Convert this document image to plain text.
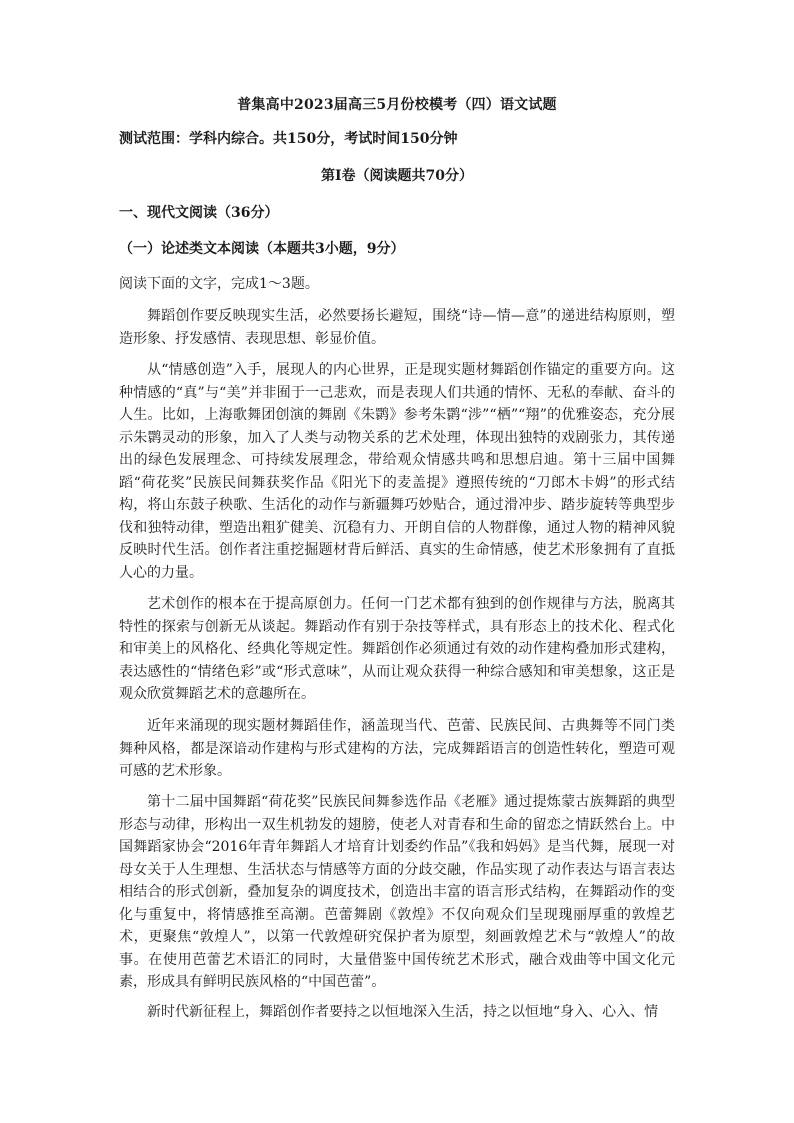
普集高中2023届高三5月份校模考（四）语文试题
测试范围：学科内综合。共150分，考试时间150分钟
第Ⅰ卷（阅读题共70分）
一、现代文阅读（36分）
（一）论述类文本阅读（本题共3小题，9分）
阅读下面的文字，完成1～3题。

舞蹈创作要反映现实生活，必然要扬长避短，围绕“诗—情—意”的递进结构原则，塑造形象、抒发感情、表现思想、彰显价值。

从“情感创造”入手，展现人的内心世界，正是现实题材舞蹈创作锚定的重要方向。这种情感的“真”与“美”并非囿于一己悲欢，而是表现人们共通的情怀、无私的奉献、奋斗的人生。比如，上海歌舞团创演的舞剧《朱鹮》参考朱鹮“涉”“栖”“翔”的优雅姿态，充分展示朱鹮灵动的形象，加入了人类与动物关系的艺术处理，体现出独特的戏剧张力，其传递出的绿色发展理念、可持续发展理念，带给观众情感共鸣和思想启迪。第十三届中国舞蹈“荷花奖”民族民间舞获奖作品《阳光下的麦盖提》遵照传统的“刀郎木卡姆”的形式结构，将山东鼓子秧歌、生活化的动作与新疆舞巧妙贴合，通过滑冲步、踏步旋转等典型步伐和独特动律，塑造出粗犷健美、沉稳有力、开朗自信的人物群像，通过人物的精神风貌反映时代生活。创作者注重挖掘题材背后鲜活、真实的生命情感，使艺术形象拥有了直抵人心的力量。

艺术创作的根本在于提高原创力。任何一门艺术都有独到的创作规律与方法，脱离其特性的探索与创新无从谈起。舞蹈动作有别于杂技等样式，具有形态上的技术化、程式化和审美上的风格化、经典化等规定性。舞蹈创作必须通过有效的动作建构叠加形式建构，表达感性的“情绪色彩”或“形式意味”，从而让观众获得一种综合感知和审美想象，这正是观众欣赏舞蹈艺术的意趣所在。

近年来涌现的现实题材舞蹈佳作，涵盖现当代、芭蕾、民族民间、古典舞等不同门类舞种风格，都是深谙动作建构与形式建构的方法，完成舞蹈语言的创造性转化，塑造可观可感的艺术形象。

第十二届中国舞蹈“荷花奖”民族民间舞参选作品《老雁》通过提炼蒙古族舞蹈的典型形态与动律，形构出一双生机勃发的翅膀，使老人对青春和生命的留恋之情跃然台上。中国舞蹈家协会“2016年青年舞蹈人才培育计划委约作品”《我和妈妈》是当代舞，展现一对母女关于人生理想、生活状态与情感等方面的分歧交融，作品实现了动作表达与语言表达相结合的形式创新，叠加复杂的调度技术，创造出丰富的语言形式结构，在舞蹈动作的变化与重复中，将情感推至高潮。芭蕾舞剧《敦煌》不仅向观众们呈现瑰丽厚重的敦煌艺术，更聚焦“敦煌人”，以第一代敦煌研究保护者为原型，刻画敦煌艺术与“敦煌人”的故事。在使用芭蕾艺术语汇的同时，大量借鉴中国传统艺术形式，融合戏曲等中国文化元素，形成具有鲜明民族风格的“中国芭蕾”。

新时代新征程上，舞蹈创作者要持之以恒地深入生活，持之以恒地“身入、心入、情
